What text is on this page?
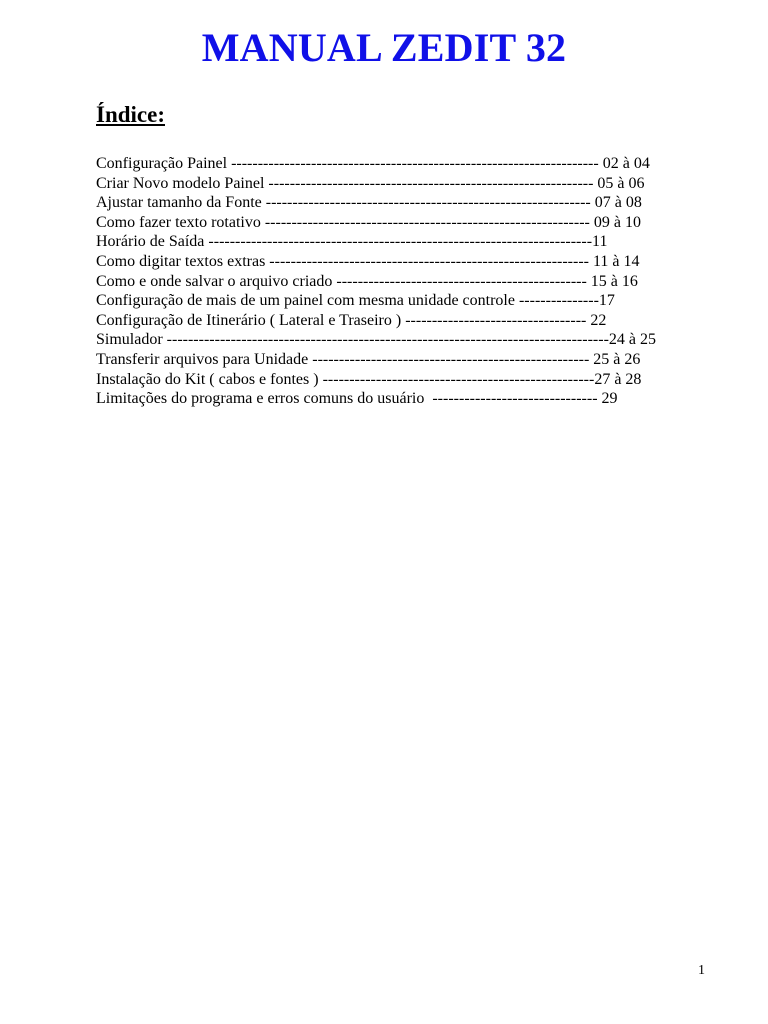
MANUAL ZEDIT 32
Índice:
Configuração Painel --------------------------------------------------------------------- 02 à 04
Criar Novo modelo Painel ------------------------------------------------------------- 05 à 06
Ajustar tamanho da Fonte ------------------------------------------------------------- 07 à 08
Como fazer texto rotativo ------------------------------------------------------------- 09 à 10
Horário de Saída ------------------------------------------------------------------------11
Como digitar textos extras ------------------------------------------------------------ 11 à 14
Como e onde salvar o arquivo criado ----------------------------------------------- 15 à 16
Configuração de mais de um painel com mesma unidade controle ---------------17
Configuração de Itinerário ( Lateral e Traseiro ) ---------------------------------- 22
Simulador -----------------------------------------------------------------------------------24 à 25
Transferir arquivos para Unidade ---------------------------------------------------- 25 à 26
Instalação do Kit ( cabos e fontes ) ---------------------------------------------------27 à 28
Limitações do programa e erros comuns do usuário  ------------------------------- 29
1
